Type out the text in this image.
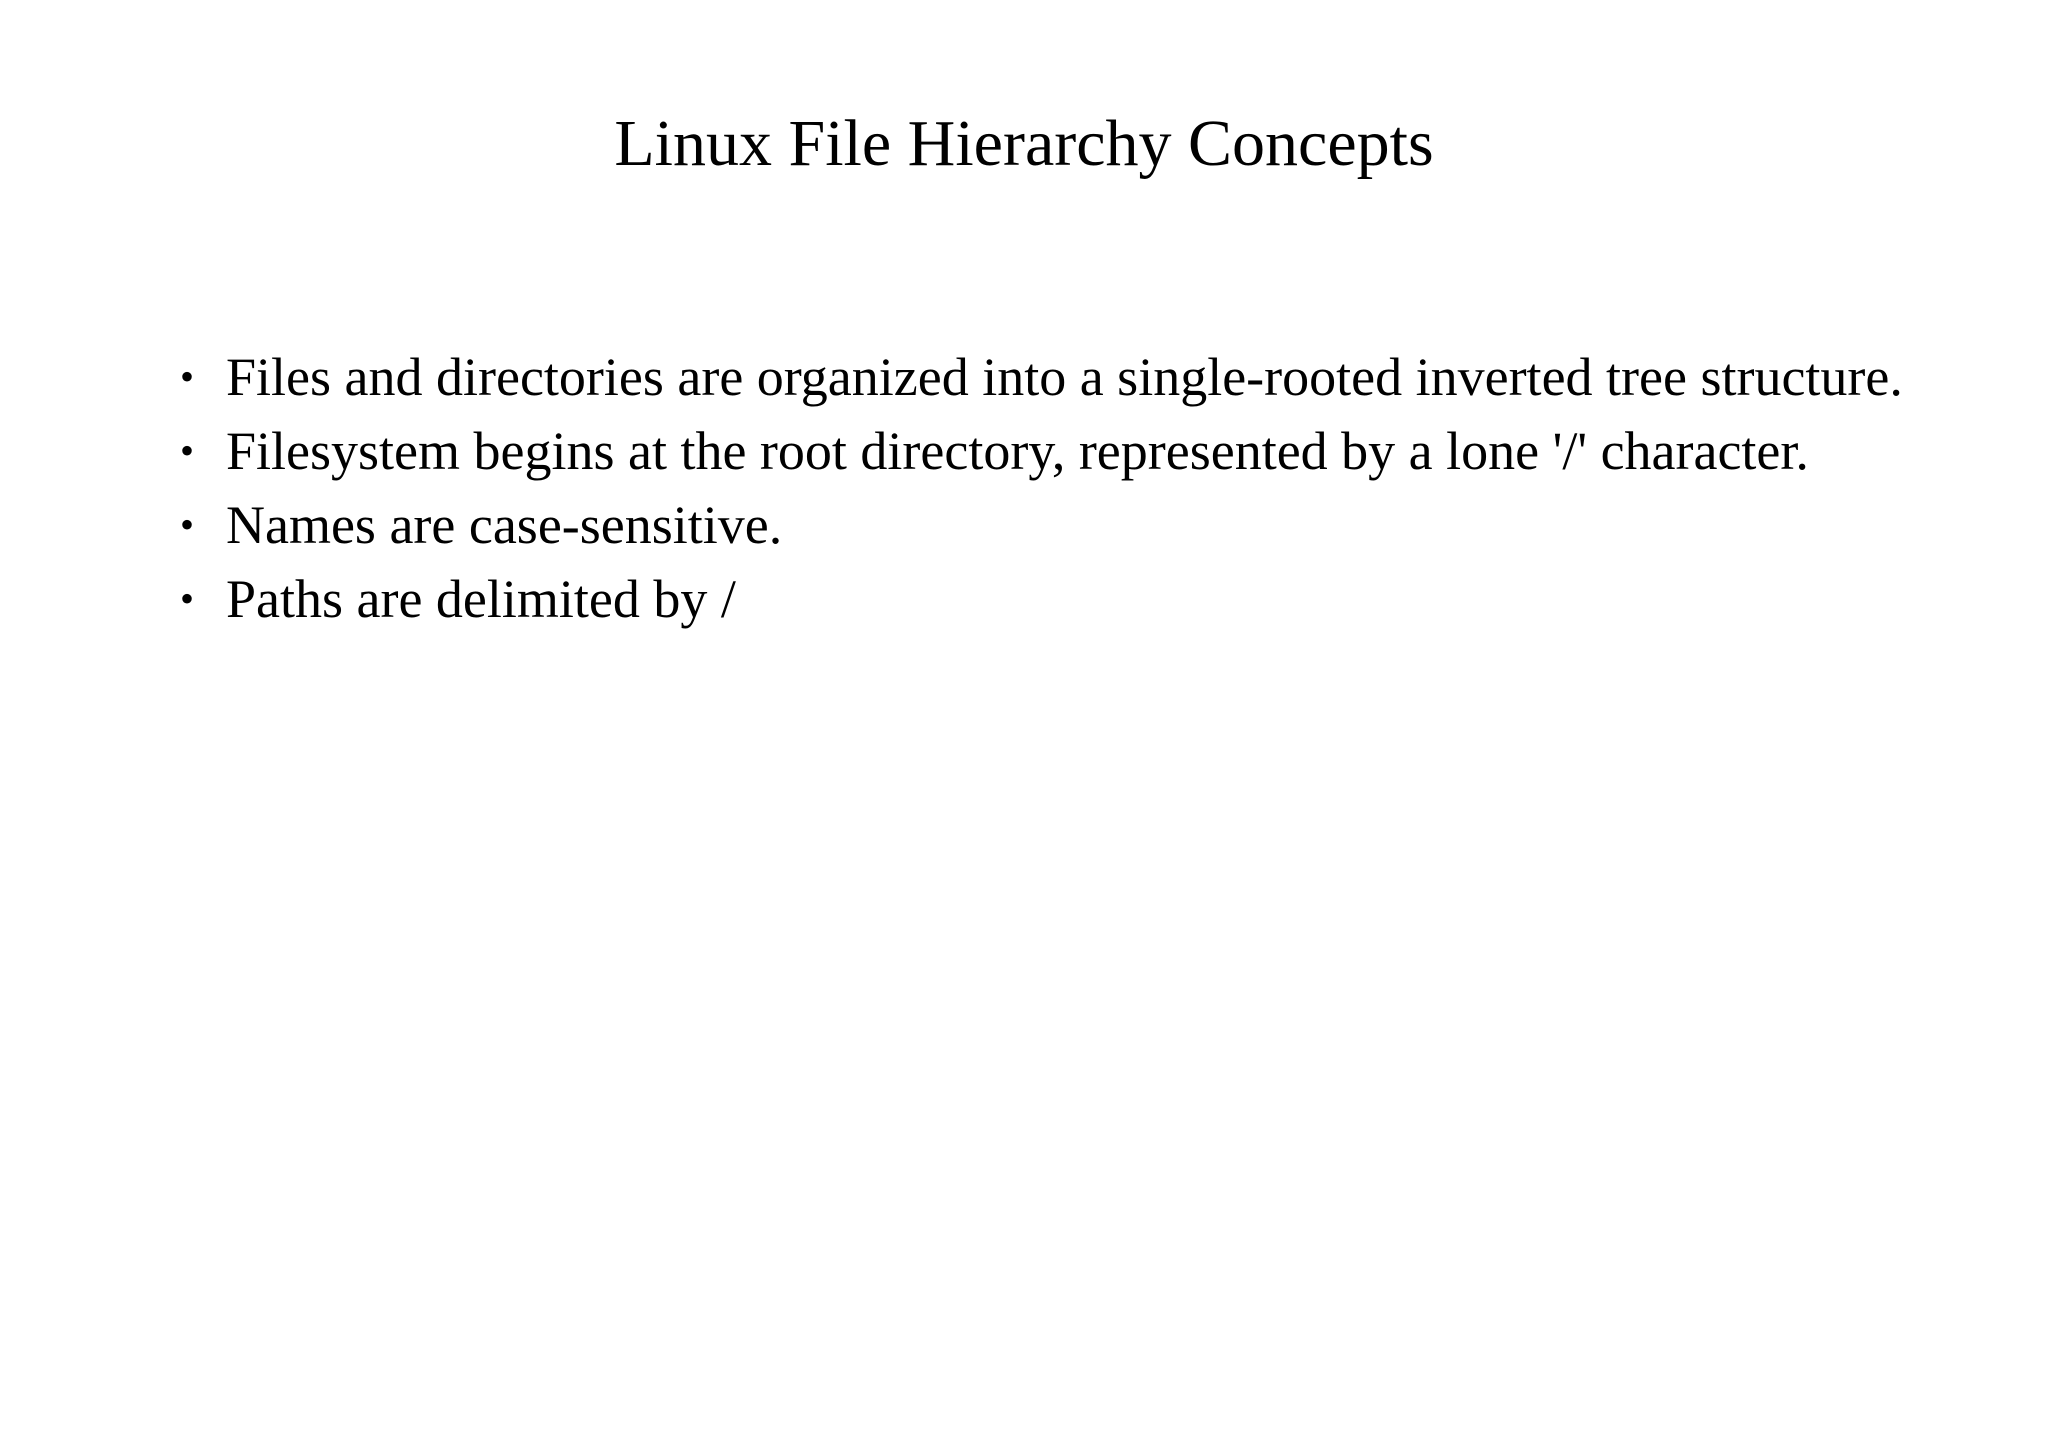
Linux File Hierarchy Concepts
• Files and directories are organized into a single-rooted inverted tree structure.
• Filesystem begins at the root directory, represented by a lone '/' character.
• Names are case-sensitive.
• Paths are delimited by /
